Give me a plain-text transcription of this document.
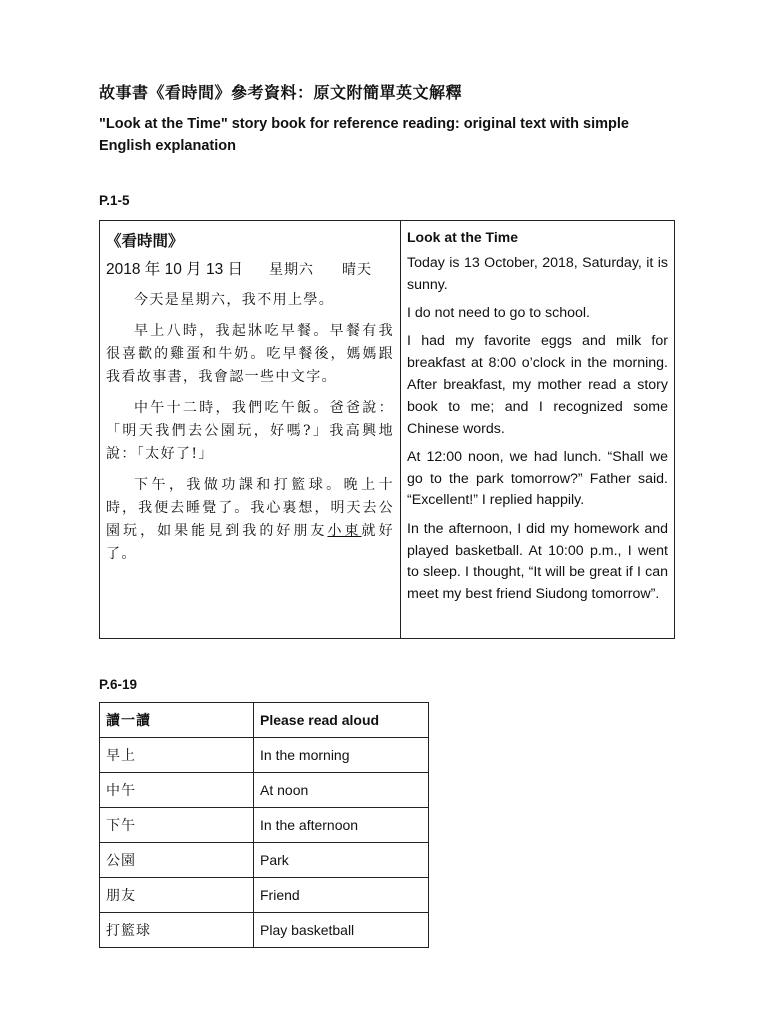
故事書《看時間》參考資料：原文附簡單英文解釋
"Look at the Time" story book for reference reading: original text with simple English explanation
P.1-5
《看時間》
2018 年 10 月 13 日 星期六 晴天

今天是星期六，我不用上學。

早上八時，我起牀吃早餐。早餐有我很喜歡的雞蛋和牛奶。吃早餐後，媽媽跟我看故事書，我會認一些中文字。

中午十二時，我們吃午飯。爸爸說：「明天我們去公園玩，好嗎?」我高興地說：「太好了!」

下午，我做功課和打籃球。晚上十時，我便去睡覺了。我心裏想，明天去公園玩，如果能見到我的好朋友小東就好了。

Look at the Time

Today is 13 October, 2018, Saturday, it is sunny.

I do not need to go to school.

I had my favorite eggs and milk for breakfast at 8:00 o’clock in the morning. After breakfast, my mother read a story book to me; and I recognized some Chinese words.

At 12:00 noon, we had lunch. “Shall we go to the park tomorrow?” Father said. “Excellent!” I replied happily.

In the afternoon, I did my homework and played basketball. At 10:00 p.m., I went to sleep. I thought, “It will be great if I can meet my best friend Siudong tomorrow”.

P.6-19
讀一讀	Please read aloud
早上	In the morning
中午	At noon
下午	In the afternoon
公園	Park
朋友	Friend
打籃球	Play basketball
